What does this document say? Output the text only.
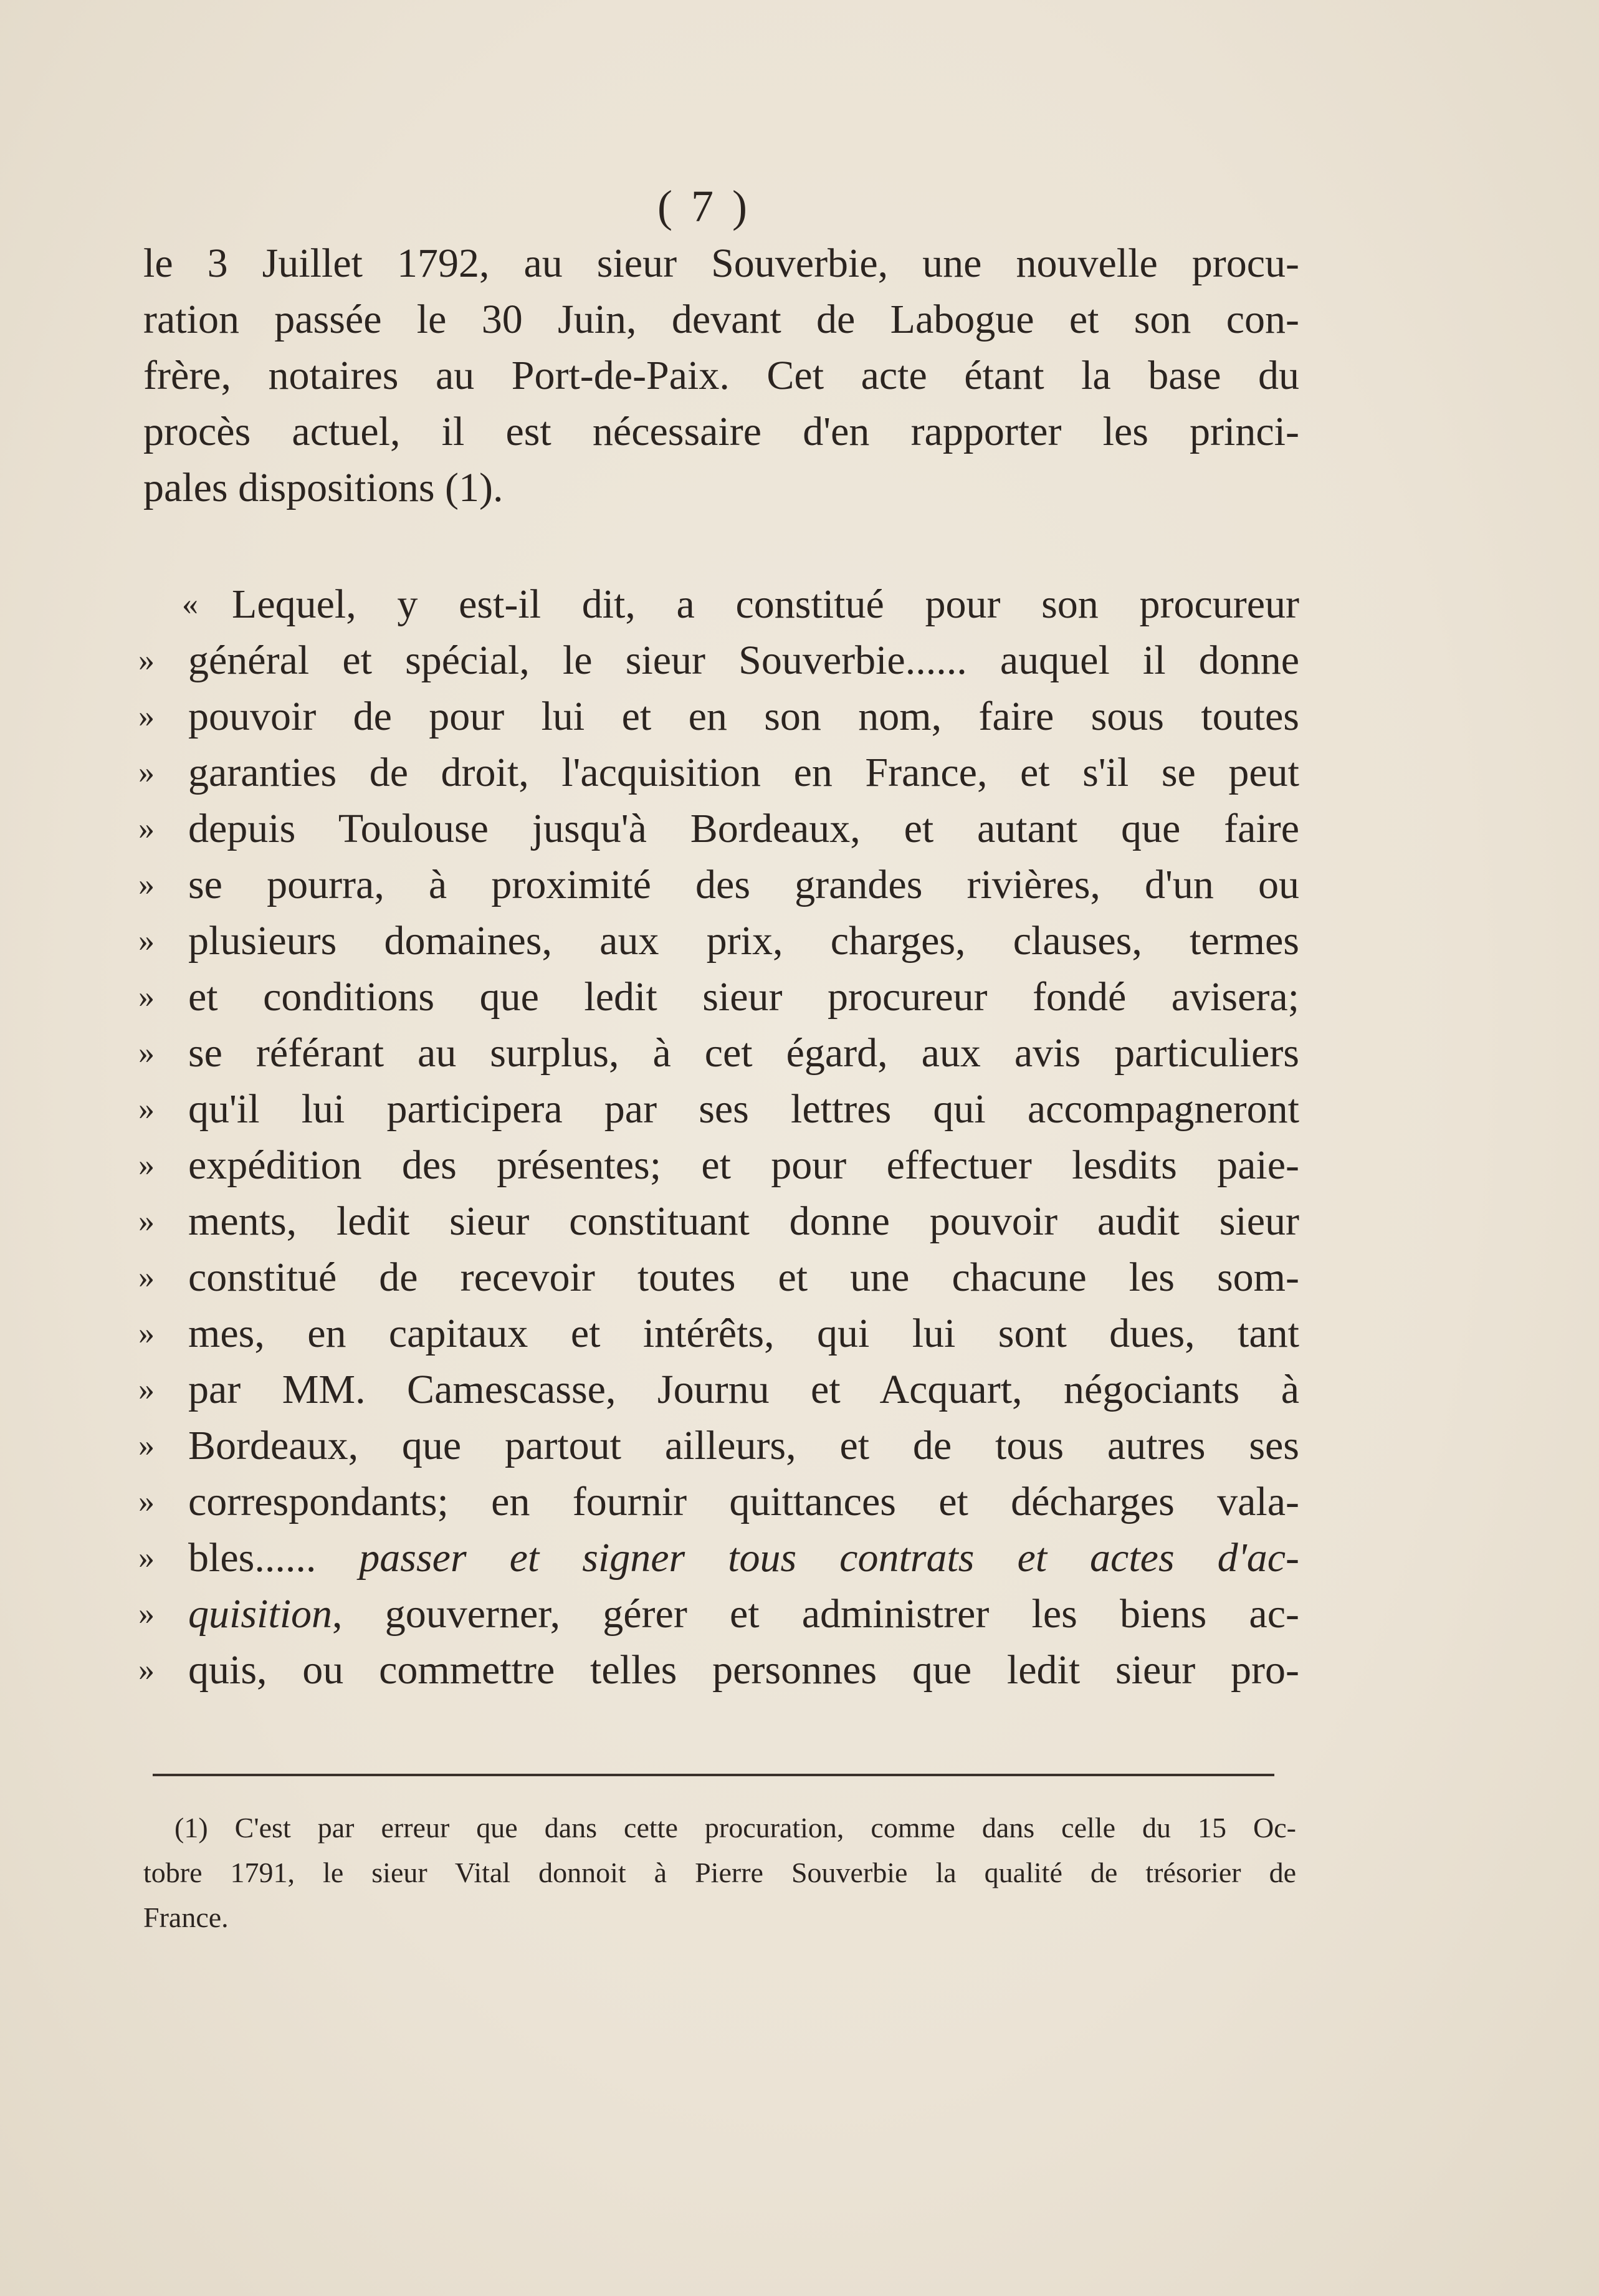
( 7 )
le 3 Juillet 1792, au sieur Souverbie, une nouvelle procu-
ration passée le 30 Juin, devant de Labogue et son con-
frère, notaires au Port-de-Paix. Cet acte étant la base du
procès actuel, il est nécessaire d'en rapporter les princi-
pales dispositions (1).
« Lequel, y est-il dit, a constitué pour son procureur
» général et spécial, le sieur Souverbie...... auquel il donne
» pouvoir de pour lui et en son nom, faire sous toutes
» garanties de droit, l'acquisition en France, et s'il se peut
» depuis Toulouse jusqu'à Bordeaux, et autant que faire
» se pourra, à proximité des grandes rivières, d'un ou
» plusieurs domaines, aux prix, charges, clauses, termes
» et conditions que ledit sieur procureur fondé avisera;
» se référant au surplus, à cet égard, aux avis particuliers
» qu'il lui participera par ses lettres qui accompagneront
» expédition des présentes; et pour effectuer lesdits paie-
» ments, ledit sieur constituant donne pouvoir audit sieur
» constitué de recevoir toutes et une chacune les som-
» mes, en capitaux et intérêts, qui lui sont dues, tant
» par MM. Camescasse, Journu et Acquart, négociants à
» Bordeaux, que partout ailleurs, et de tous autres ses
» correspondants; en fournir quittances et décharges vala-
» bles...... passer et signer tous contrats et actes d'ac-
» quisition, gouverner, gérer et administrer les biens ac-
» quis, ou commettre telles personnes que ledit sieur pro-
(1) C'est par erreur que dans cette procuration, comme dans celle du 15 Oc-
tobre 1791, le sieur Vital donnoit à Pierre Souverbie la qualité de trésorier de
France.
